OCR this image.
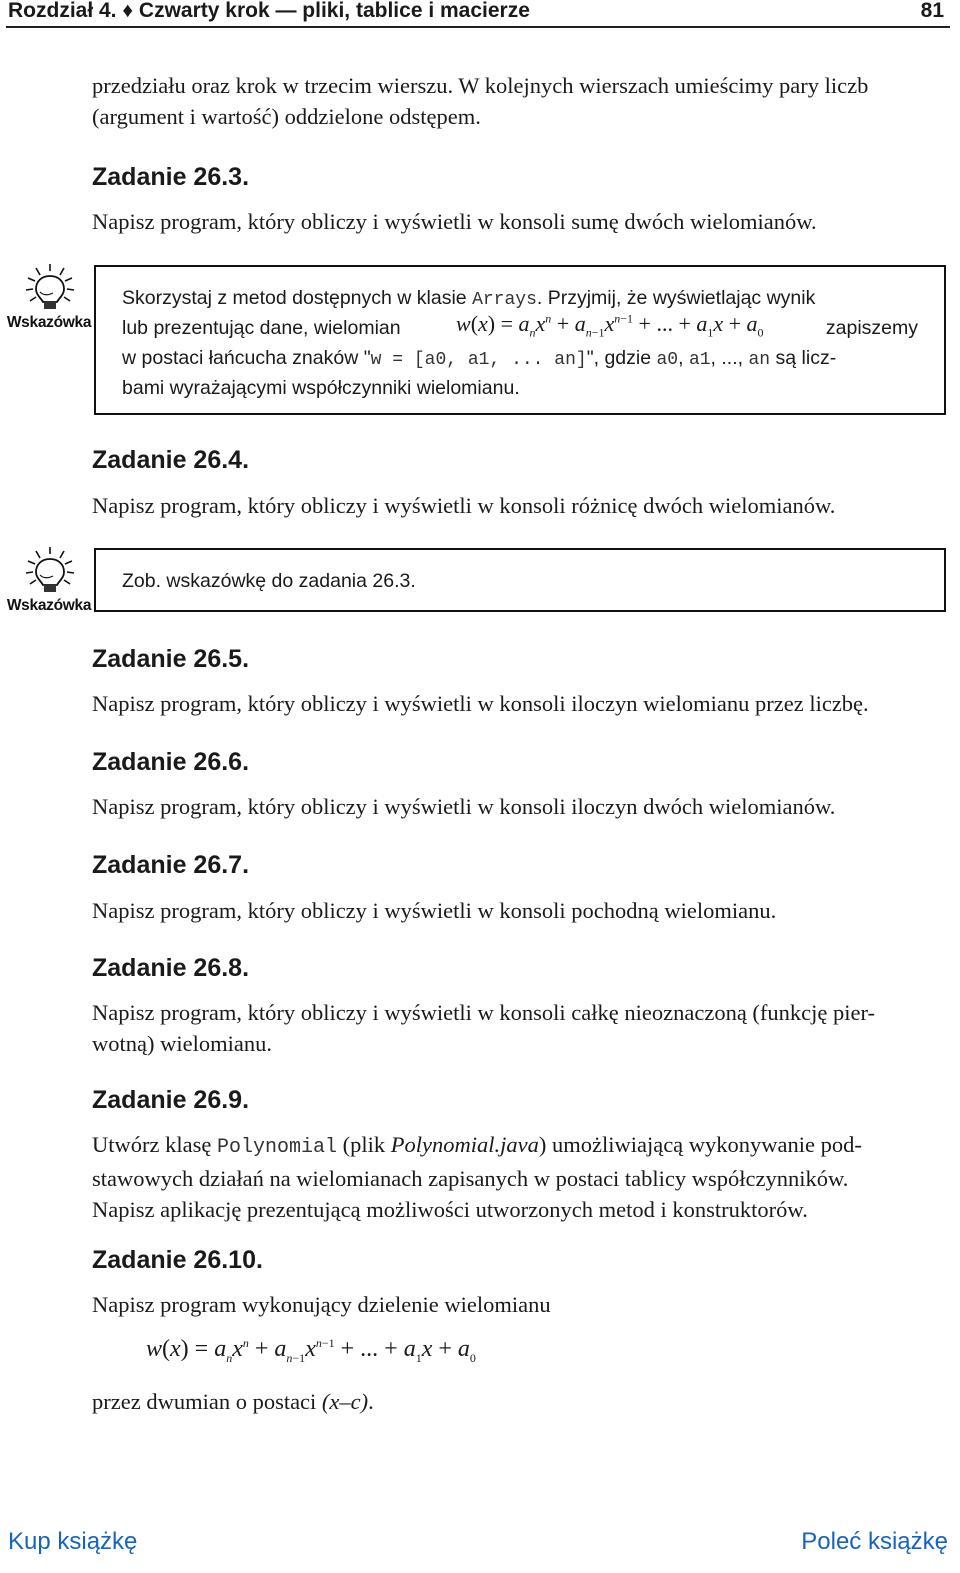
Rozdział 4. ♦ Czwarty krok — pliki, tablice i macierze	81
przedziału oraz krok w trzecim wierszu. W kolejnych wierszach umieścimy pary liczb
(argument i wartość) oddzielone odstępem.
Zadanie 26.3.
Napisz program, który obliczy i wyświetli w konsoli sumę dwóch wielomianów.
Wskazówka
Skorzystaj z metod dostępnych w klasie Arrays. Przyjmij, że wyświetlając wynik
lub prezentując dane, wielomian	$w(x) = a_nx^n + a_{n-1}x^{n-1}$ + ... + $a_1x + a_0$	zapiszemy
w postaci łańcucha znaków "w = [a0, a1, ... an]", gdzie a0, a1, ..., an są licz-
bami wyrażającymi współczynniki wielomianu.
Zadanie 26.4.
Napisz program, który obliczy i wyświetli w konsoli różnicę dwóch wielomianów.
Wskazówka
Zob. wskazówkę do zadania 26.3.
Zadanie 26.5.
Napisz program, który obliczy i wyświetli w konsoli iloczyn wielomianu przez liczbę.
Zadanie 26.6.
Napisz program, który obliczy i wyświetli w konsoli iloczyn dwóch wielomianów.
Zadanie 26.7.
Napisz program, który obliczy i wyświetli w konsoli pochodną wielomianu.
Zadanie 26.8.
Napisz program, który obliczy i wyświetli w konsoli całkę nieoznaczoną (funkcję pier-
wotną) wielomianu.
Zadanie 26.9.
Utwórz klasę Polynomial (plik Polynomial.java) umożliwiającą wykonywanie pod-
stawowych działań na wielomianach zapisanych w postaci tablicy współczynników.
Napisz aplikację prezentującą możliwości utworzonych metod i konstruktorów.
Zadanie 26.10.
Napisz program wykonujący dzielenie wielomianu
$w(x) = a_nx^n + a_{n-1}x^{n-1}$ + ... + $a_1x + a_0$
przez dwumian o postaci (x–c).
Kup książkę	Poleć książkę
